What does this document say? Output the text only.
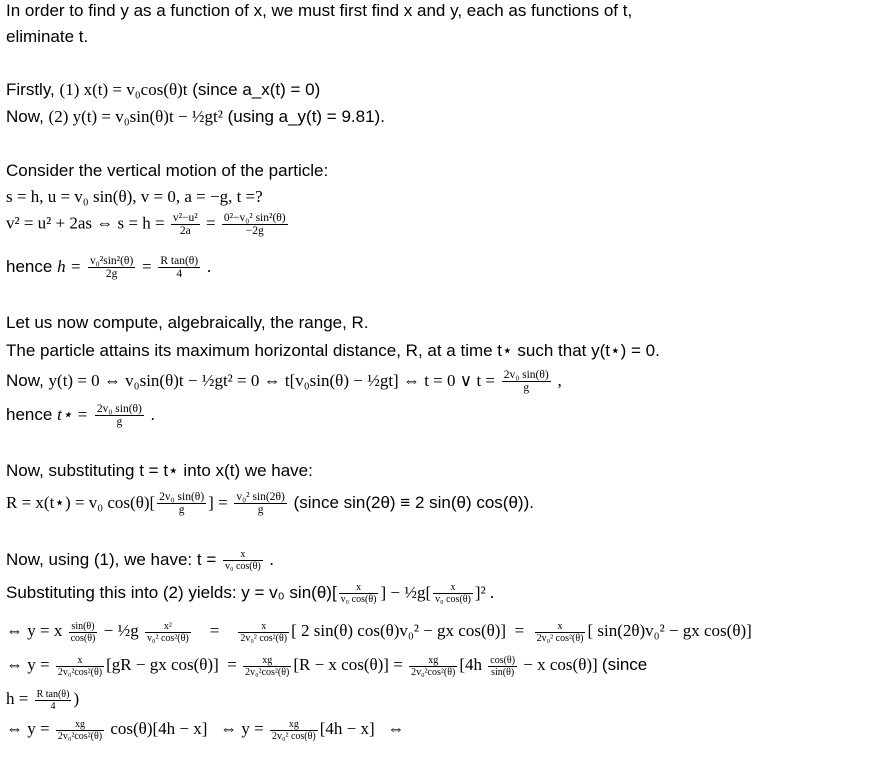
In order to find y as a function of x, we must first find x and y, each as functions of t,
eliminate t.
Firstly, (1) x(t) = v₀cos(θ)t (since a_x(t) = 0)
Now, (2) y(t) = v₀sin(θ)t − ½gt² (using a_y(t) = 9.81).
Consider the vertical motion of the particle:
s = h, u = v₀ sin(θ), v = 0, a = −g, t =?
v² = u² + 2as ⇔ $s = h = \frac{\text{v²−u²}}{2a} = \frac{\text{0²−v₀² sin²(θ)}}{-2g}$
hence $h = \frac{\text{v₀²sin²(θ)}}{2g} = \frac{\text{R tan(θ)}}{4}$ .
Let us now compute, algebraically, the range, R.
The particle attains its maximum horizontal distance, R, at a time t⋆ such that y(t⋆) = 0.
Now, y(t) = 0 ⇔ v₀sin(θ)t − ½gt² = 0 ⇔ t[v₀sin(θ) − ½gt] ⇔ t = 0 ∨ $t = \frac{\text{2v₀ sin(θ)}}{g}$ ,
hence t⋆ = $\frac{\text{2v₀ sin(θ)}}{g}$ .
Now, substituting t = t⋆ into x(t) we have:
R = x(t⋆) = v₀ $\cos(\theta)[ \frac{\text{2v₀ sin(θ)}}{g}$ ] = $\frac{\text{v₀² sin(2θ)}}{g}$ (since sin(2θ) ≡ 2 sin(θ) cos(θ)).
Now, using (1), we have: $t = \frac{x}{\text{v₀ cos(θ)}}$ .
Substituting this into (2) yields: y = v₀ $\sin(\theta)[ \frac{x}{\text{v₀ cos(θ)}}$ ] − ½g[ $\frac{x}{\text{v₀ cos(θ)}} ]^2$ .
⇔ y = x $\frac{\sin(\theta)}{\cos(\theta)}$ − ½g $\frac{\text{x²}}{\text{v₀² cos²(θ)}} = \frac{x}{\text{2v₀² cos²(θ)}}$ [ 2 sin(θ) cos(θ)v₀² − gx $\cos(\theta)] = \frac{x}{\text{2v₀² cos²(θ)}}$ [ sin(2θ)v₀² − gx cos(θ)]
⇔ $y = \frac{x}{\text{2v₀²cos²(θ)}} [gR$ − gx $\cos(\theta)] = \frac{xg}{\text{2v₀²cos²(θ)}} [R - x$ $\cos(\theta)] = \frac{xg}{\text{2v₀²cos²(θ)}} [4h \frac{\cos(\theta)}{\sin(\theta)} - x$ cos(θ)] (since
$h = \frac{\text{R tan(θ)}}{4}$ )
⇔ $y = \frac{xg}{\text{2v₀²cos²(θ)}} \cos(\theta)[4h - x]$   ⇔ $y = \frac{xg}{\text{2v₀² cos(θ)}} [4h - x]$   ⇔
